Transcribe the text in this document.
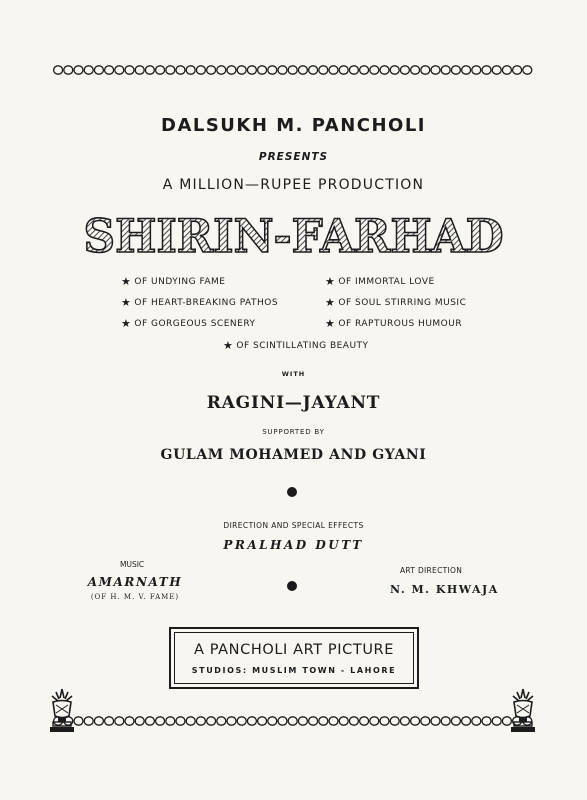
DALSUKH M. PANCHOLI
PRESENTS
A MILLION—RUPEE PRODUCTION
SHIRIN-FARHAD
★ OF UNDYING FAME
★ OF HEART-BREAKING PATHOS
★ OF GORGEOUS SCENERY
★ OF IMMORTAL LOVE
★ OF SOUL STIRRING MUSIC
★ OF RAPTUROUS HUMOUR
★ OF SCINTILLATING BEAUTY
WITH
RAGINI—JAYANT
SUPPORTED BY
GULAM MOHAMED AND GYANI
DIRECTION AND SPECIAL EFFECTS
PRALHAD DUTT
MUSIC
AMARNATH
(OF H. M. V. FAME)
ART DIRECTION
N. M. KHWAJA
A PANCHOLI ART PICTURE
STUDIOS: MUSLIM TOWN - LAHORE
